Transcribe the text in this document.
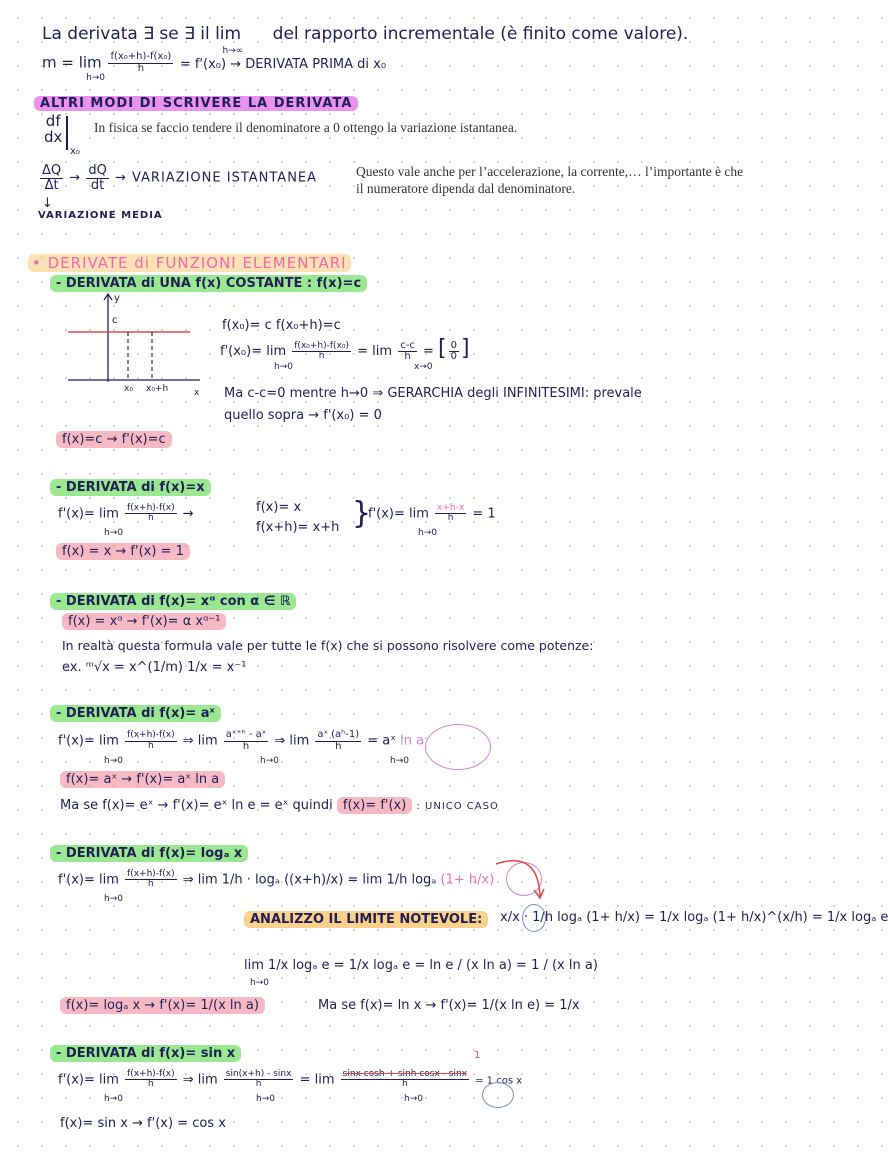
La derivata ∃ se ∃ il lim $_{h\to\infty}$ del rapporto incrementale (è finito come valore).
$m = \lim \frac{\text{f(x₀+h)-f(x₀)}}{h}$
$_{h\to 0}$ = f'(x₀) → DERIVATA PRIMA di x₀
ALTRI MODI DI SCRIVERE LA DERIVATA
df
dx
x₀
In fisica se faccio tendere il denominatore a 0 ottengo la variazione istantanea.
$\frac{\Delta Q}{\Delta t} \to \frac{dQ}{dt}$ → VARIAZIONE ISTANTANEA
↓
VARIAZIONE MEDIA
Questo vale anche per l’accelerazione, la corrente,… l’importante è che
il numeratore dipenda dal denominatore.
• DERIVATE di FUNZIONI ELEMENTARI
- DERIVATA di UNA f(x) COSTANTE : f(x)=c
y
c
x₀ x₀+h	x
f(x₀)= c f(x₀+h)=c
$f'(x_0)= \lim \frac{\text{f(x₀+h)-f(x₀)}}{h} = \lim \frac{c-c}{h}$ = [ $\frac{0}{0}$ ]
h→0	x→0
Ma c-c=0 mentre h→0 ⇒ GERARCHIA degli INFINITESIMI: prevale
quello sopra → f'(x₀) = 0
f(x)=c → f'(x)=c
- DERIVATA di f(x)=x
$f'(x)= \lim \frac{f(x+h)-f(x)}{h}$ →
h→0
f(x)= x
f(x+h)= x+h }
$f'(x)= \lim \frac{x+h-x}{h} = 1$
h→0
f(x) = x → f'(x) = 1
- DERIVATA di f(x)= xᵅ con α ∈ ℝ
f(x) = xᵅ → f'(x)= α xᵅ⁻¹
In realtà questa formula vale per tutte le f(x) che si possono risolvere come potenze:
ex. ᵐ√x = x^(1/m) 1/x = x⁻¹
- DERIVATA di f(x)= aˣ
$f'(x)= \lim \frac{f(x+h)-f(x)}{h}$ ⇒ $\lim \frac{\text{aˣ⁺ʰ - aˣ}}{h}$ ⇒ $\lim \frac{\text{aˣ (aʰ-1)}}{h}$ = aˣ ln a
h→0	h→0	h→0
f(x)= aˣ → f'(x)= aˣ ln a
Ma se f(x)= eˣ → f'(x)= eˣ ln e = eˣ quindi f(x)= f'(x) : UNICO CASO
- DERIVATA di f(x)= logₐ x
$f'(x)= \lim \frac{f(x+h)-f(x)}{h}$ ⇒ lim 1/h · logₐ ((x+h)/x) = lim 1/h logₐ (1+ h/x)
h→0
ANALIZZO IL LIMITE NOTEVOLE:	x/x · 1/h logₐ (1+ h/x) = 1/x logₐ (1+ h/x)^(x/h) = 1/x logₐ e
lim 1/x logₐ e = 1/x logₐ e = ln e / (x ln a) = 1 / (x ln a)
h→0
f(x)= logₐ x → f'(x)= 1/(x ln a)	Ma se f(x)= ln x → f'(x)= 1/(x ln e) = 1/x
- DERIVATA di f(x)= sin x
$f'(x)= \lim \frac{f(x+h)-f(x)}{h}$ ⇒ $\lim \frac{\sin(x+h) - \sin x}{h} = \lim \frac{\text{sinx cosh + sinh cosx - sinx}}{h} = 1$ cos x
1
h→0	h→0	h→0
f(x)= sin x → f'(x) = cos x
